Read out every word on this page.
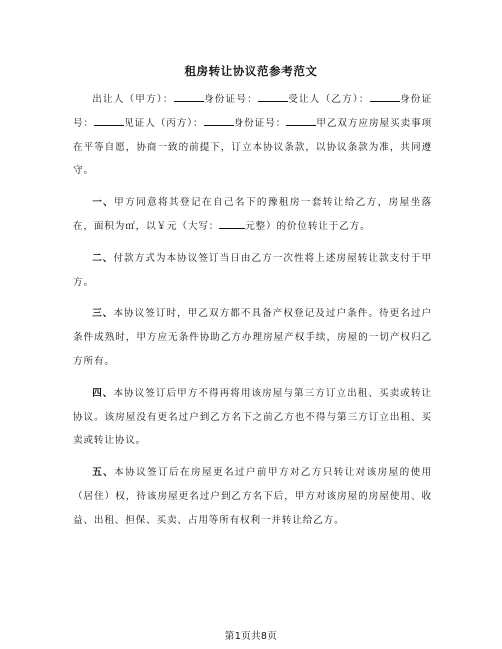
租房转让协议范参考范文

出让人（甲方）：	身份证号：	受让人（乙方）：	身份证号：	见证人（丙方）：	身份证号：	甲乙双方应房屋买卖事项在平等自愿，协商一致的前提下，订立本协议条款，以协议条款为准，共同遵守。

一、甲方同意将其登记在自己名下的豫租房一套转让给乙方，房屋坐落在，面积为㎡，以￥元（大写：	元整）的价位转让于乙方。

二、付款方式为本协议签订当日由乙方一次性将上述房屋转让款支付于甲方。

三、本协议签订时，甲乙双方都不具备产权登记及过户条件。待更名过户条件成熟时，甲方应无条件协助乙方办理房屋产权手续，房屋的一切产权归乙方所有。

四、本协议签订后甲方不得再将用该房屋与第三方订立出租、买卖或转让协议。该房屋没有更名过户到乙方名下之前乙方也不得与第三方订立出租、买卖或转让协议。

五、本协议签订后在房屋更名过户前甲方对乙方只转让对该房屋的使用（居住）权，待该房屋更名过户到乙方名下后，甲方对该房屋的房屋使用、收益、出租、担保、买卖、占用等所有权利一并转让给乙方。

第1页共8页
